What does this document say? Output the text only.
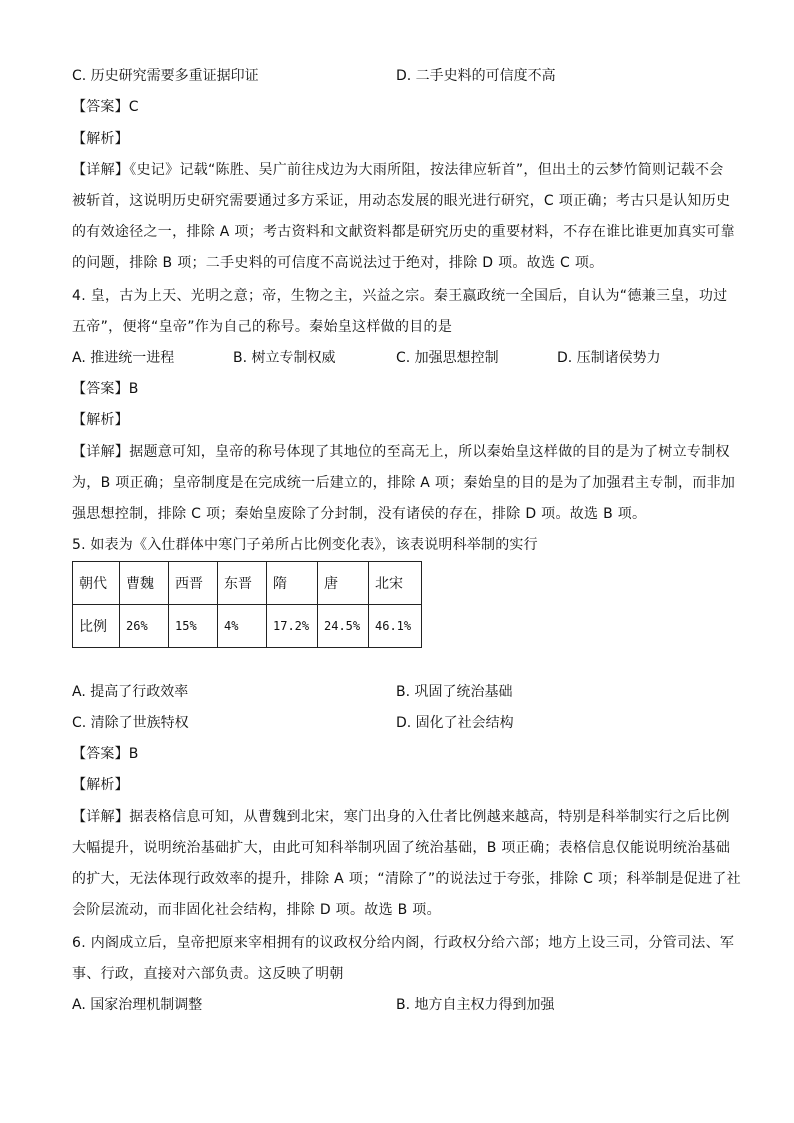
C. 历史研究需要多重证据印证	D. 二手史料的可信度不高
【答案】C
【解析】
【详解】《史记》记载“陈胜、吴广前往戍边为大雨所阻，按法律应斩首”，但出土的云梦竹简则记载不会
被斩首，这说明历史研究需要通过多方采证，用动态发展的眼光进行研究，C 项正确；考古只是认知历史
的有效途径之一，排除 A 项；考古资料和文献资料都是研究历史的重要材料，不存在谁比谁更加真实可靠
的问题，排除 B 项；二手史料的可信度不高说法过于绝对，排除 D 项。故选 C 项。
4. 皇，古为上天、光明之意；帝，生物之主，兴益之宗。秦王嬴政统一全国后，自认为“德兼三皇，功过
五帝”，便将“皇帝”作为自己的称号。秦始皇这样做的目的是
A. 推进统一进程	B. 树立专制权威	C. 加强思想控制	D. 压制诸侯势力
【答案】B
【解析】
【详解】据题意可知，皇帝的称号体现了其地位的至高无上，所以秦始皇这样做的目的是为了树立专制权
为，B 项正确；皇帝制度是在完成统一后建立的，排除 A 项；秦始皇的目的是为了加强君主专制，而非加
强思想控制，排除 C 项；秦始皇废除了分封制，没有诸侯的存在，排除 D 项。故选 B 项。
5. 如表为《入仕群体中寒门子弟所占比例变化表》，该表说明科举制的实行
朝代	曹魏	西晋	东晋	隋	唐	北宋
比例	26%	15%	4%	17.2%	24.5%	46.1%
A. 提高了行政效率	B. 巩固了统治基础
C. 清除了世族特权	D. 固化了社会结构
【答案】B
【解析】
【详解】据表格信息可知，从曹魏到北宋，寒门出身的入仕者比例越来越高，特别是科举制实行之后比例
大幅提升，说明统治基础扩大，由此可知科举制巩固了统治基础，B 项正确；表格信息仅能说明统治基础
的扩大，无法体现行政效率的提升，排除 A 项；“清除了”的说法过于夸张，排除 C 项；科举制是促进了社
会阶层流动，而非固化社会结构，排除 D 项。故选 B 项。
6. 内阁成立后，皇帝把原来宰相拥有的议政权分给内阁，行政权分给六部；地方上设三司，分管司法、军
事、行政，直接对六部负责。这反映了明朝
A. 国家治理机制调整	B. 地方自主权力得到加强
